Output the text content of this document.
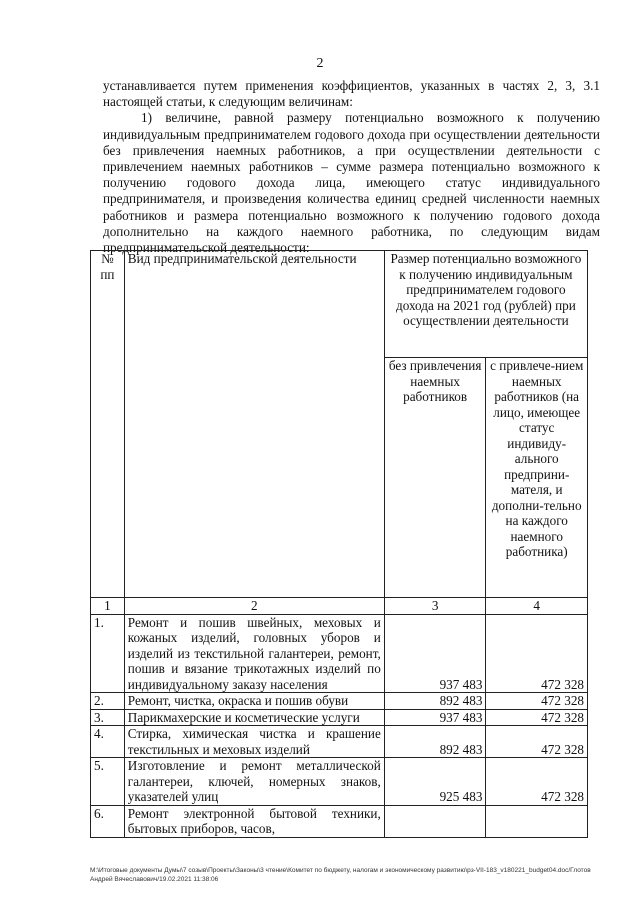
2

устанавливается путем применения коэффициентов, указанных в частях 2, 3, 3.1 настоящей статьи, к следующим величинам:

1) величине, равной размеру потенциально возможного к получению индивидуальным предпринимателем годового дохода при осуществлении деятельности без привлечения наемных работников, а при осуществлении деятельности с привлечением наемных работников – сумме размера потенциально возможного к получению годового дохода лица, имеющего статус индивидуального предпринимателя, и произведения количества единиц средней численности наемных работников и размера потенциально возможного к получению годового дохода дополнительно на каждого наемного работника, по следующим видам предпринимательской деятельности:

№ пп	Вид предпринимательской деятельности	Размер потенциально возможного к получению индивидуальным предпринимателем годового дохода на 2021 год (рублей) при осуществлении деятельности	
		без привлечения наемных работников	с привлече-нием наемных работников (на лицо, имеющее статус индивиду-ального предприни-мателя, и дополни-тельно на каждого наемного работника)
1	2	3	4
1.	Ремонт и пошив швейных, меховых и кожаных изделий, головных уборов и изделий из текстильной галантереи, ремонт, пошив и вязание трикотажных изделий по индивидуальному заказу населения	937 483	472 328
2.	Ремонт, чистка, окраска и пошив обуви	892 483	472 328
3.	Парикмахерские и косметические услуги	937 483	472 328
4.	Стирка, химическая чистка и крашение текстильных и меховых изделий	892 483	472 328
5.	Изготовление и ремонт металлической галантереи, ключей, номерных знаков, указателей улиц	925 483	472 328
6.	Ремонт электронной бытовой техники, бытовых приборов, часов,		
M:\Итоговые документы Думы\7 созыв\Проекты\Законы\3 чтение\Комитет по бюджету, налогам и экономическому развитию\рз-VII-183_v180221_budget04.doc/Глотов Андрей Вячеславович/19.02.2021 11:38:06
